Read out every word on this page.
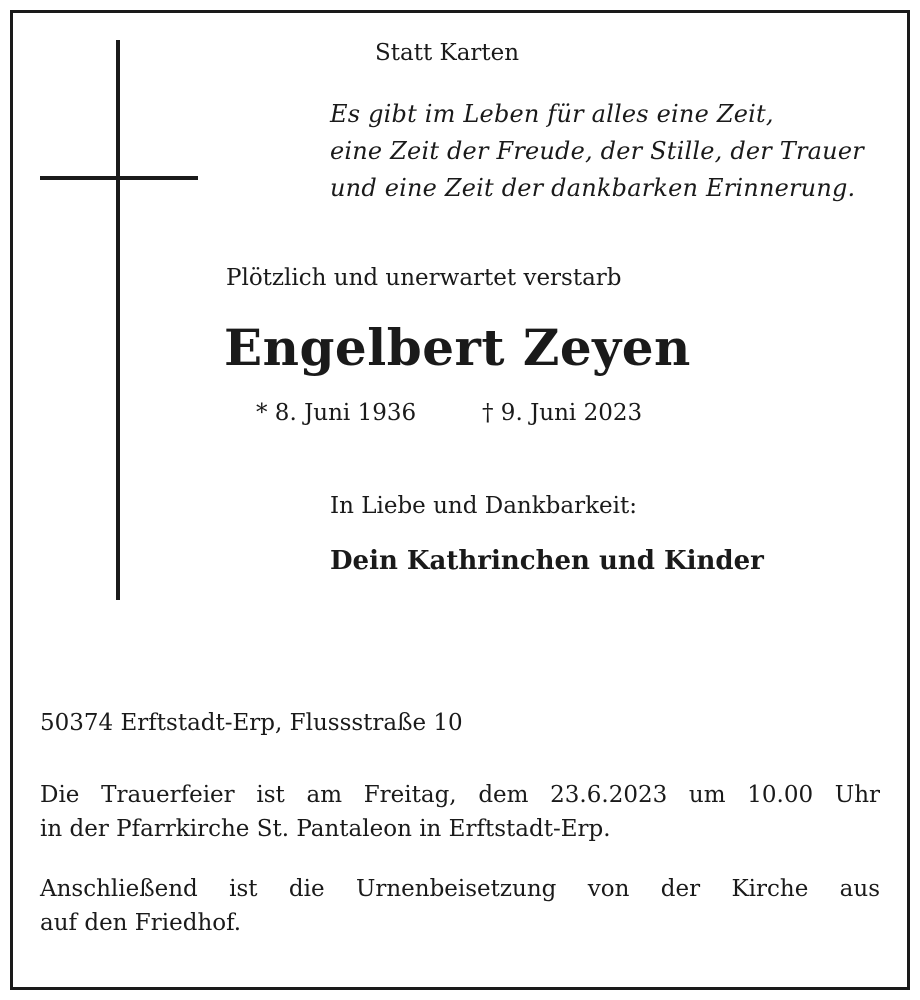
Statt Karten

Es gibt im Leben für alles eine Zeit,
eine Zeit der Freude, der Stille, der Trauer
und eine Zeit der dankbarken Erinnerung.

Plötzlich und unerwartet verstarb

Engelbert Zeyen

* 8. Juni 1936	† 9. Juni 2023

In Liebe und Dankbarkeit:

Dein Kathrinchen und Kinder

50374 Erftstadt-Erp, Flussstraße 10

Die Trauerfeier ist am Freitag, dem 23.6.2023 um 10.00 Uhr
in der Pfarrkirche St. Pantaleon in Erftstadt-Erp.
Anschließend ist die Urnenbeisetzung von der Kirche aus
auf den Friedhof.
